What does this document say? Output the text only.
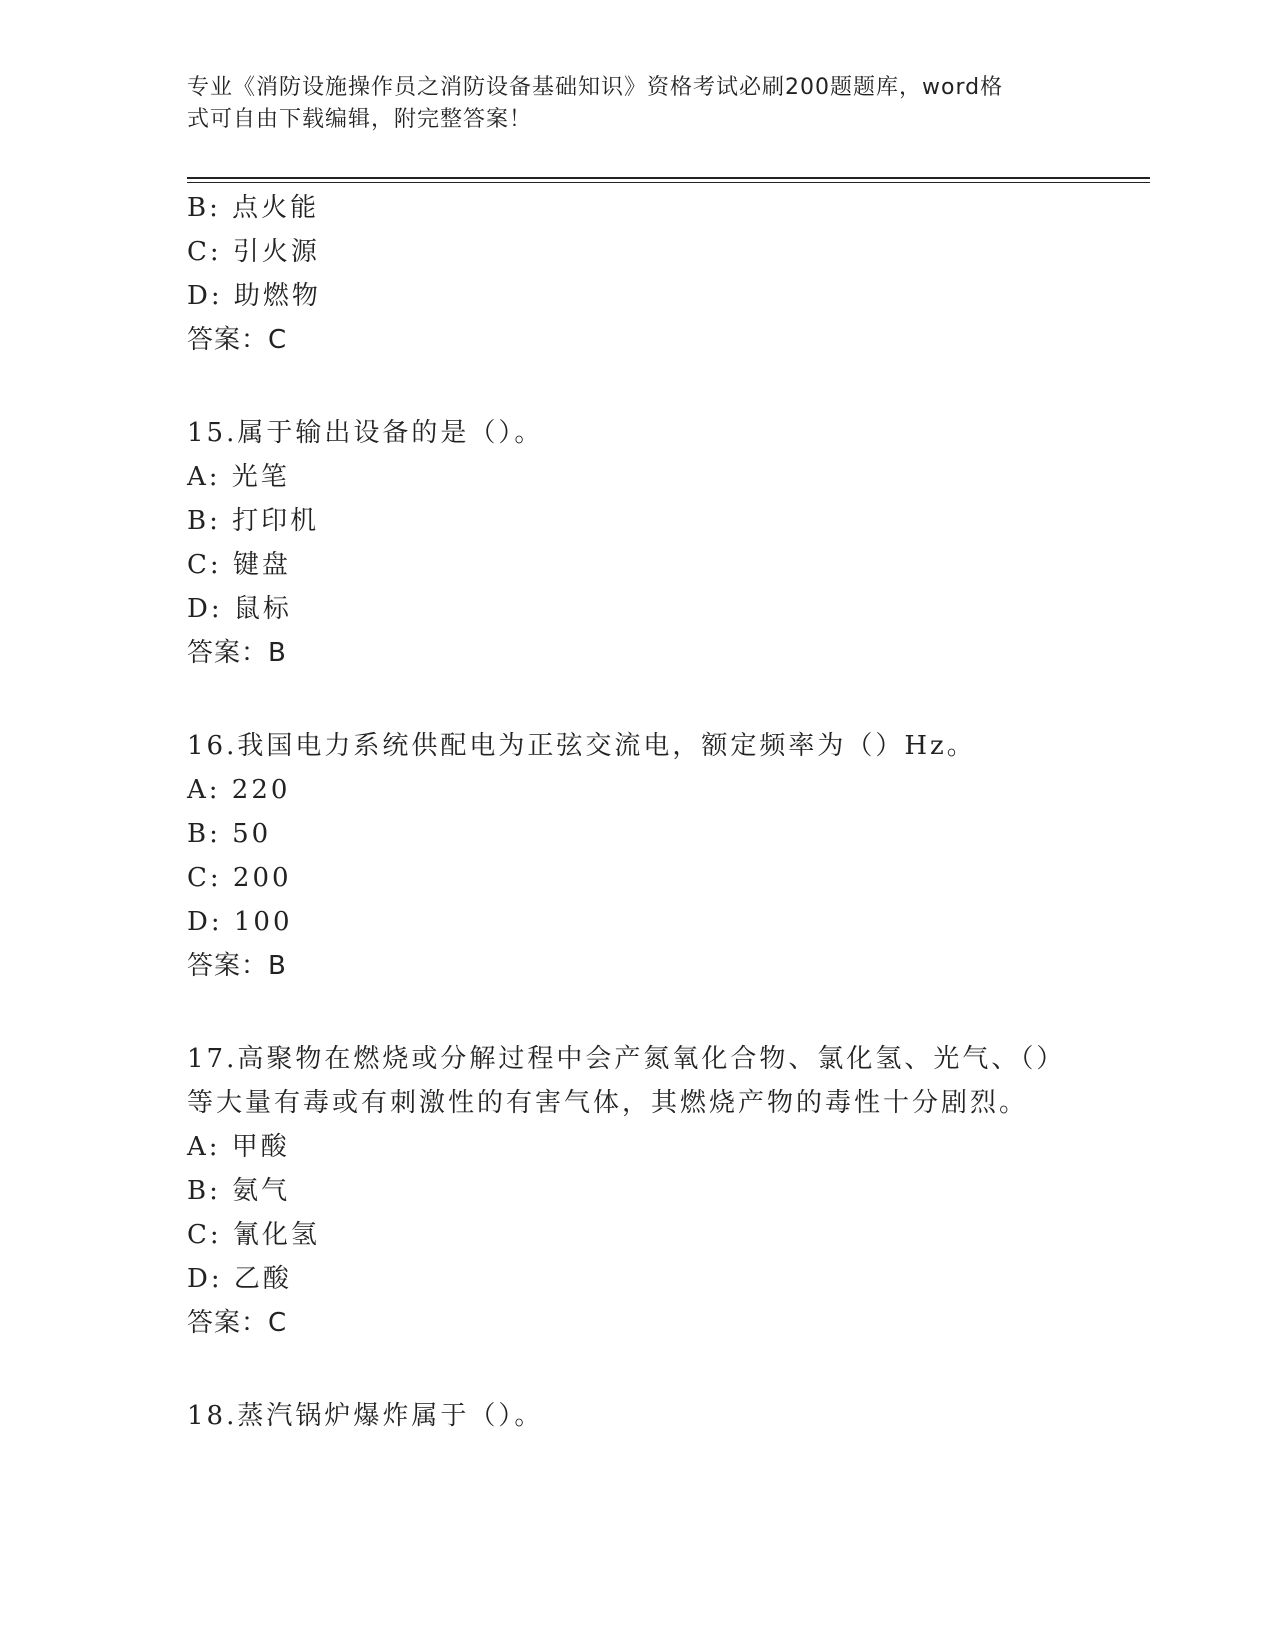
专业《消防设施操作员之消防设备基础知识》资格考试必刷200题题库，word格
式可自由下载编辑，附完整答案！
B: 点火能
C: 引火源
D: 助燃物
答案：C
15.属于输出设备的是（）。
A: 光笔
B: 打印机
C: 键盘
D: 鼠标
答案：B
16.我国电力系统供配电为正弦交流电，额定频率为（）Hz。
A: 220
B: 50
C: 200
D: 100
答案：B
17.高聚物在燃烧或分解过程中会产氮氧化合物、氯化氢、光气、（）
等大量有毒或有刺激性的有害气体，其燃烧产物的毒性十分剧烈。
A: 甲酸
B: 氨气
C: 氰化氢
D: 乙酸
答案：C
18.蒸汽锅炉爆炸属于（）。
